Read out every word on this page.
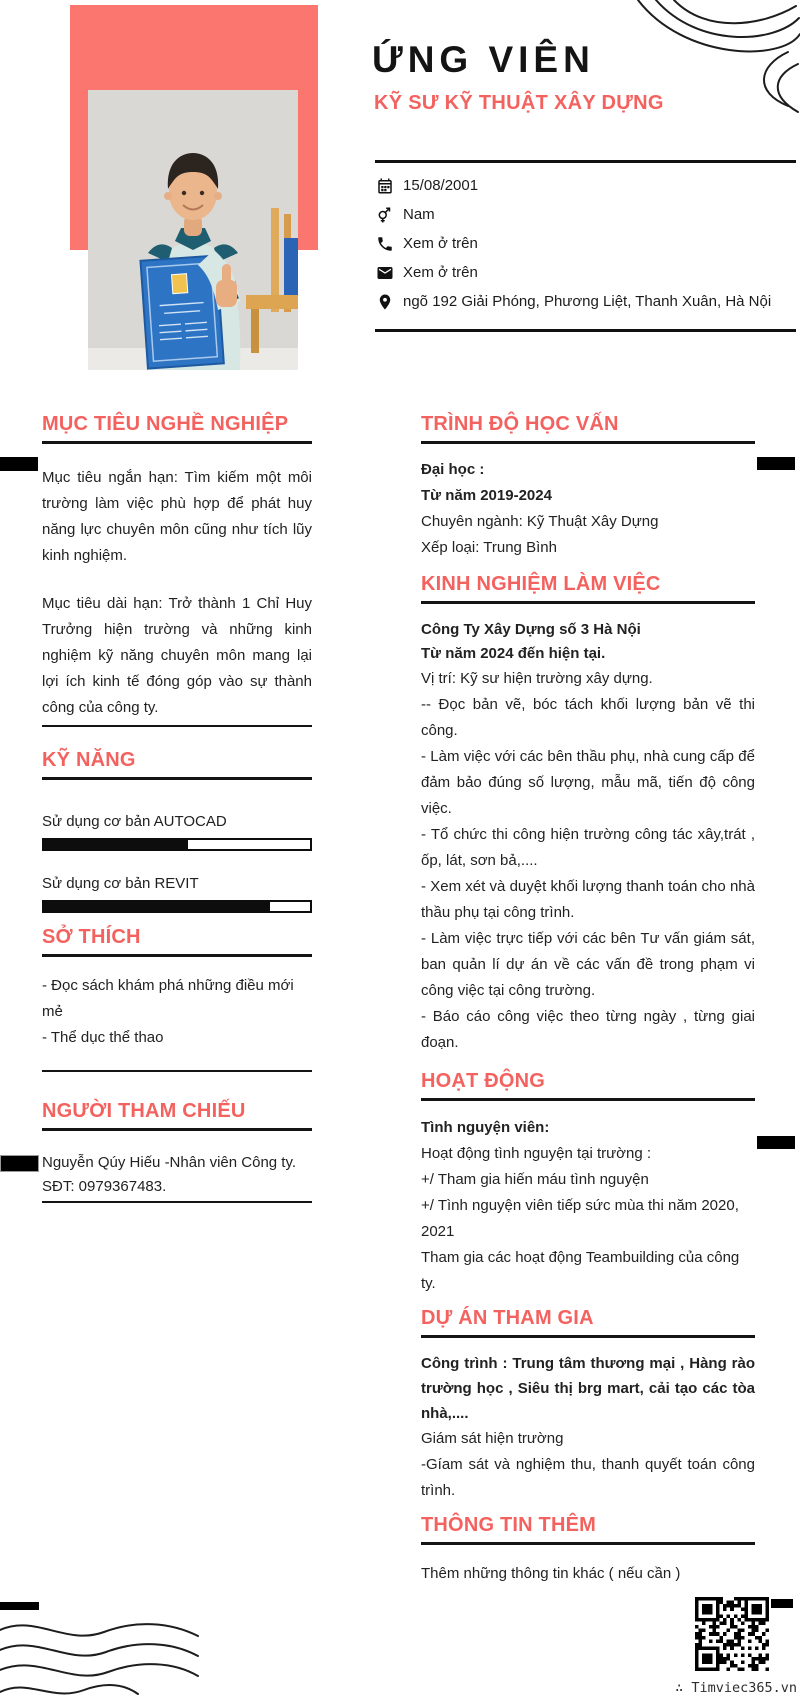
ỨNG VIÊN
KỸ SƯ KỸ THUẬT XÂY DỰNG
15/08/2001
Nam
Xem ở trên
Xem ở trên
ngõ 192 Giải Phóng, Phương Liệt, Thanh Xuân, Hà Nội
MỤC TIÊU NGHỀ NGHIỆP

Mục tiêu ngắn hạn: Tìm kiếm một môi trường làm việc phù hợp để phát huy năng lực chuyên môn cũng như tích lũy kinh nghiệm.

Mục tiêu dài hạn: Trở thành 1 Chỉ Huy Trưởng hiện trường và những kinh nghiệm kỹ năng chuyên môn mang lại lợi ích kinh tế đóng góp vào sự thành công của công ty.

KỸ NĂNG
Sử dụng cơ bản AUTOCAD
Sử dụng cơ bản REVIT
SỞ THÍCH

- Đọc sách khám phá những điều mới mẻ

- Thể dục thể thao

NGƯỜI THAM CHIẾU

Nguyễn Qúy Hiếu -Nhân viên Công ty.

SĐT: 0979367483.

TRÌNH ĐỘ HỌC VẤN

Đại học :

Từ năm 2019-2024

Chuyên ngành: Kỹ Thuật Xây Dựng

Xếp loại: Trung Bình

KINH NGHIỆM LÀM VIỆC

Công Ty Xây Dựng số 3 Hà Nội

Từ năm 2024 đến hiện tại.

Vị trí: Kỹ sư hiện trường xây dựng.

-- Đọc bản vẽ, bóc tách khối lượng bản vẽ thi công.

- Làm việc với các bên thầu phụ, nhà cung cấp để đảm bảo đúng số lượng, mẫu mã, tiến độ công việc.

- Tổ chức thi công hiện trường công tác xây,trát , ốp, lát, sơn bả,....

- Xem xét và duyệt khối lượng thanh toán cho nhà thầu phụ tại công trình.

- Làm việc trực tiếp với các bên Tư vấn giám sát, ban quản lí dự án về các vấn đề trong phạm vi công việc tại công trường.

- Báo cáo công việc theo từng ngày , từng giai đoạn.

HOẠT ĐỘNG

Tình nguyện viên:

Hoạt động tình nguyện tại trường :

+/ Tham gia hiến máu tình nguyện

+/ Tình nguyện viên tiếp sức mùa thi năm 2020, 2021

Tham gia các hoạt động Teambuilding của công ty.

DỰ ÁN THAM GIA

Công trình : Trung tâm thương mại , Hàng rào trường học , Siêu thị brg mart, cải tạo các tòa nhà,....

Giám sát hiện trường

-Gíam sát và nghiệm thu, thanh quyết toán công trình.

THÔNG TIN THÊM

Thêm những thông tin khác ( nếu cần )

∴ Timviec365.vn
